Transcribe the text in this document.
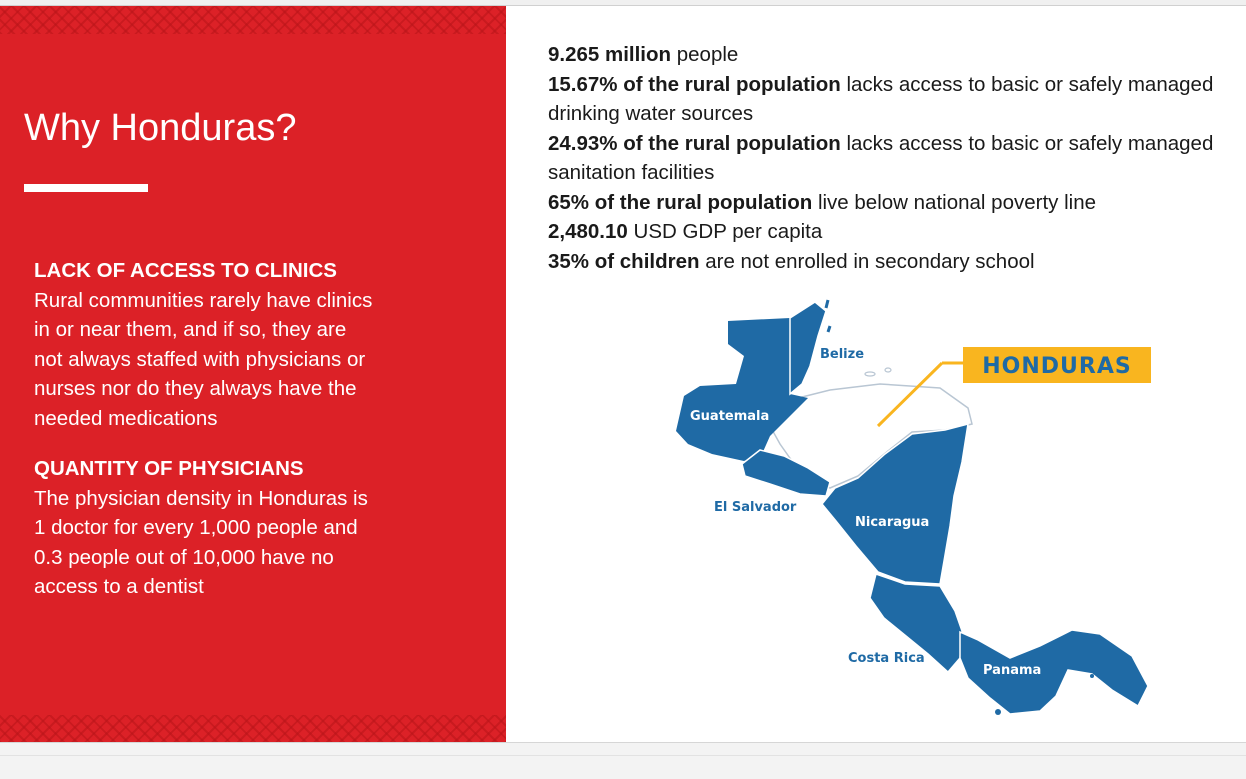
Why Honduras?
LACK OF ACCESS TO CLINICS

Rural communities rarely have clinics

in or near them, and if so, they are

not always staffed with physicians or

nurses nor do they always have the

needed medications

QUANTITY OF PHYSICIANS

The physician density in Honduras is

1 doctor for every 1,000 people and

0.3 people out of 10,000 have no

access to a dentist

9.265 million people
15.67% of the rural population lacks access to basic or safely managed
drinking water sources
24.93% of the rural population lacks access to basic or safely managed
sanitation facilities
65% of the rural population live below national poverty line
2,480.10 USD GDP per capita
35% of children are not enrolled in secondary school
HONDURAS
Belize
Guatemala
El Salvador
Nicaragua
Costa Rica
Panama
